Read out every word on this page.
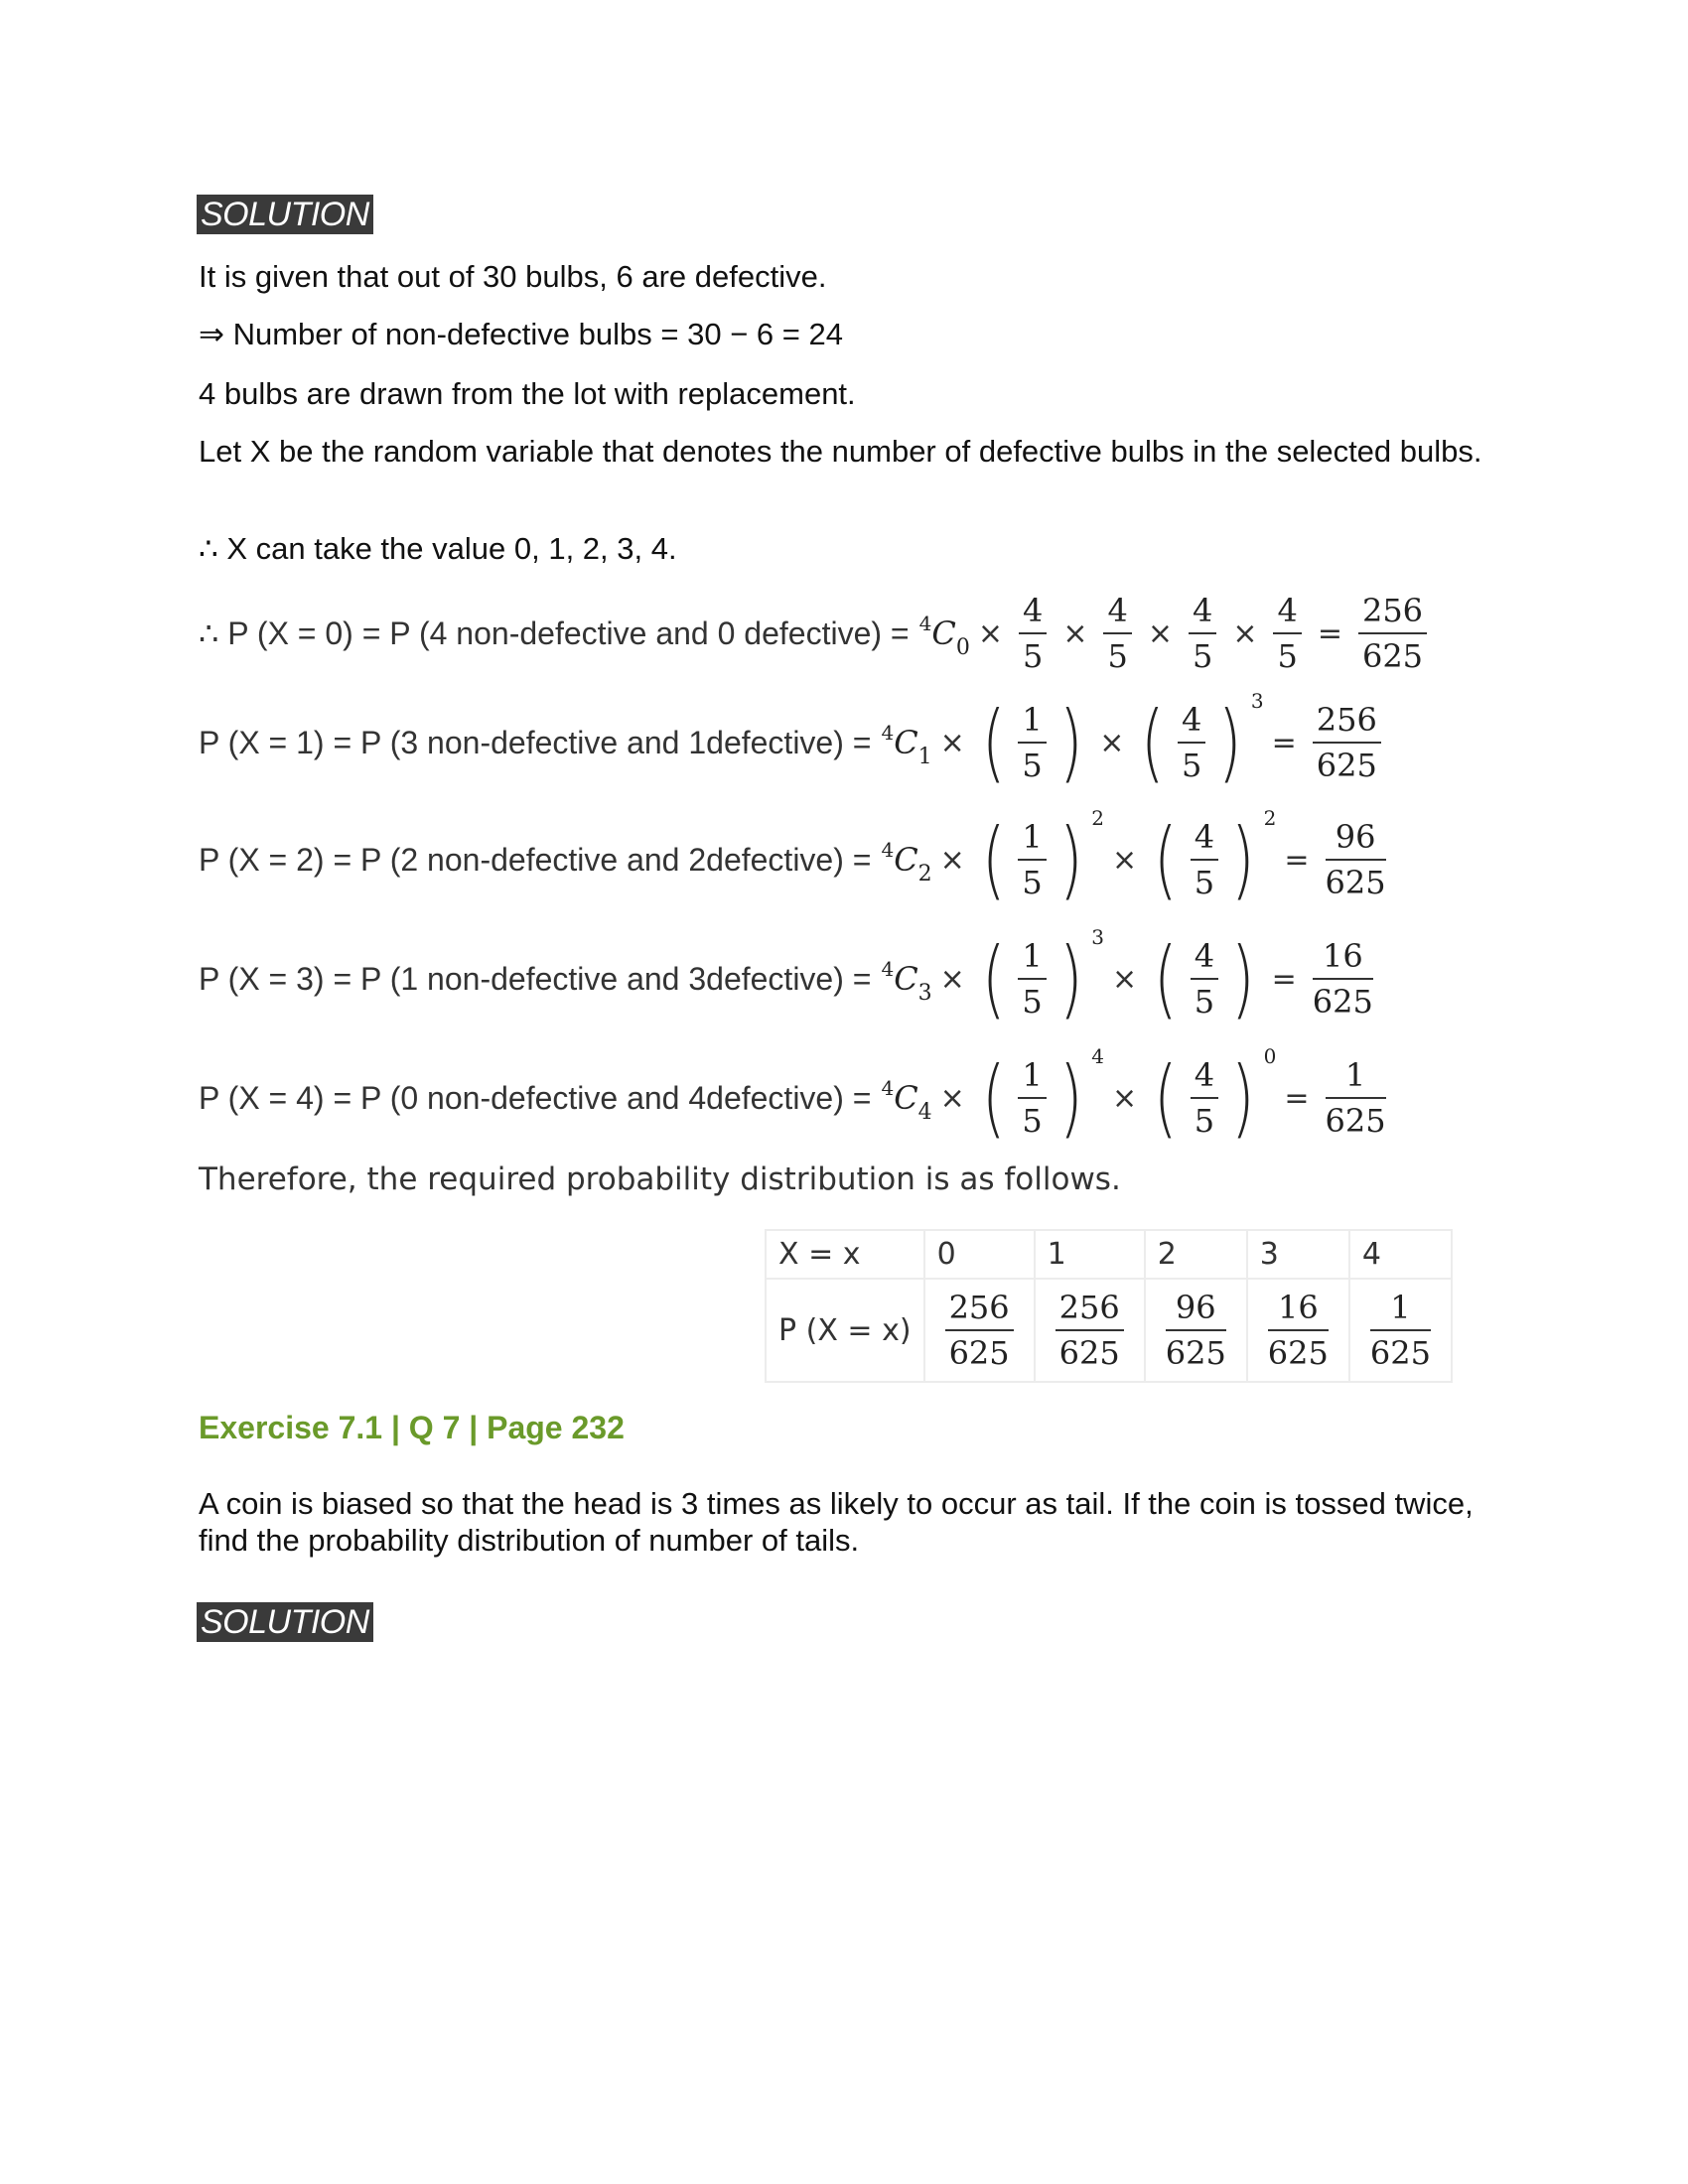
SOLUTION
It is given that out of 30 bulbs, 6 are defective.
⇒ Number of non-defective bulbs = 30 − 6 = 24
4 bulbs are drawn from the lot with replacement.
Let X be the random variable that denotes the number of defective bulbs in the selected bulbs.
∴ X can take the value 0, 1, 2, 3, 4.
∴ P (X = 0) = P (4 non-defective and 0 defective) = $^4C_0 \times \frac{4}{5} \times \frac{4}{5} \times \frac{4}{5} \times \frac{4}{5} = \frac{256}{625}$
P (X = 1) = P (3 non-defective and 1defective) = $^4C_1$ × ( $\frac{1}{5}$ ) × ( $\frac{4}{5}$ ) 3
= $\frac{256}{625}$
P (X = 2) = P (2 non-defective and 2defective) = $^4C_2$ × ( $\frac{1}{5}$ ) 2
× ( $\frac{4}{5}$ ) 2
= $\frac{96}{625}$
P (X = 3) = P (1 non-defective and 3defective) = $^4C_3$ × ( $\frac{1}{5}$ ) 3
× ( $\frac{4}{5}$ ) = $\frac{16}{625}$
P (X = 4) = P (0 non-defective and 4defective) = $^4C_4$ × ( $\frac{1}{5}$ ) 4
× ( $\frac{4}{5}$ ) 0
= $\frac{1}{625}$
Therefore, the required probability distribution is as follows.
X = x	0	1	2	3	4
P (X = x)	$\frac{256}{625}$	$\frac{256}{625}$	$\frac{96}{625}$	$\frac{16}{625}$	$\frac{1}{625}$
Exercise 7.1 | Q 7 | Page 232
A coin is biased so that the head is 3 times as likely to occur as tail. If the coin is tossed twice, find the probability distribution of number of tails.
SOLUTION
